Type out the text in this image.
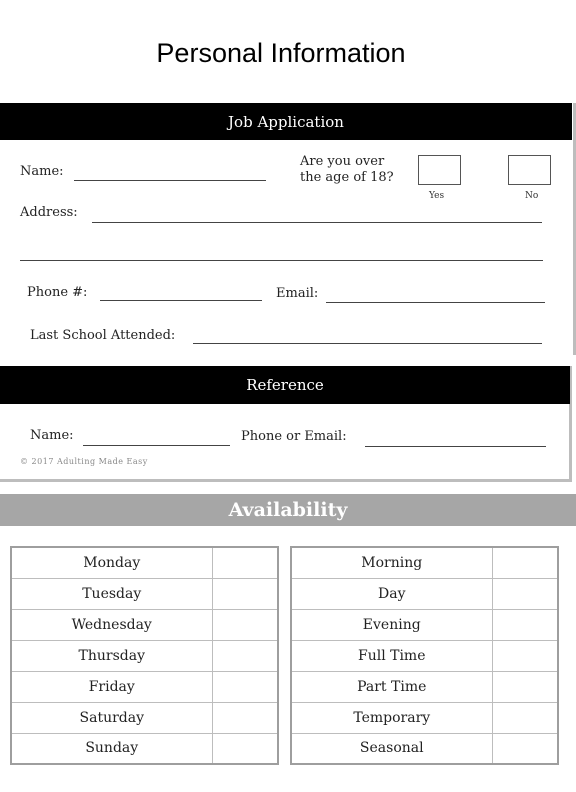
Personal Information
Job Application
Name:
Are you over
the age of 18?
Yes	No
Address:
Phone #:	Email:
Last School Attended:
Reference
Name:	Phone or Email:
© 2017 Adulting Made Easy
Availability
Monday	
Tuesday	
Wednesday	
Thursday	
Friday	
Saturday	
Sunday	
Morning	
Day	
Evening	
Full Time	
Part Time	
Temporary	
Seasonal	
